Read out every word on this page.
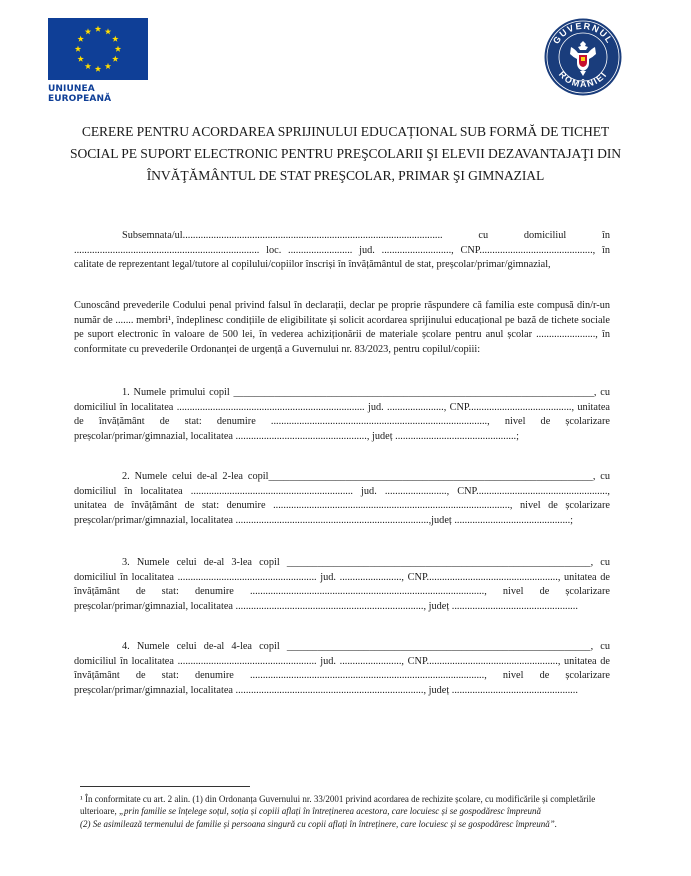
UNIUNEA EUROPEANĂ
GUVERNUL
ROMÂNIEI
CERERE PENTRU ACORDAREA SPRIJINULUI EDUCAȚIONAL SUB FORMĂ DE TICHET SOCIAL PE SUPORT ELECTRONIC PENTRU PREŞCOLARII ŞI ELEVII DEZAVANTAJAŢI DIN ÎNVĂŢĂMÂNTUL DE STAT PREŞCOLAR, PRIMAR ŞI GIMNAZIAL

Subsemnata/ul..................................................................................................... cu domiciliul în ........................................................................ loc. ......................... jud. ..........................., CNP............................................, în calitate de reprezentant legal/tutore al copilului/copiilor înscriși în învățământul de stat, preșcolar/primar/gimnazial,

Cunoscând prevederile Codului penal privind falsul în declarații, declar pe proprie răspundere că familia este compusă din/r-un număr de ....... membri¹, îndeplinesc condițiile de eligibilitate și solicit acordarea sprijinului educațional pe bază de tichete sociale pe suport electronic în valoare de 500 lei, în vederea achiziționării de materiale școlare pentru anul școlar ......................., în conformitate cu prevederile Ordonanței de urgență a Guvernului nr. 83/2023, pentru copilul/copiii:

1. Numele primului copil ______________________________________________________________________, cu domiciliul în localitatea ......................................................................... jud. ......................, CNP........................................, unitatea de învățământ de stat: denumire ...................................................................................., nivel de școlarizare preșcolar/primar/gimnazial, localitatea ..................................................., județ ...............................................;

2. Numele celui de-al 2-lea copil_______________________________________________________________, cu domiciliul în localitatea ............................................................... jud. ........................, CNP..................................................., unitatea de învățământ de stat: denumire ............................................................................................, nivel de școlarizare preșcolar/primar/gimnazial, localitatea ...........................................................................,județ .............................................;

3. Numele celui de-al 3-lea copil ___________________________________________________________, cu domiciliul în localitatea ...................................................... jud. ........................, CNP..................................................., unitatea de învățământ de stat: denumire ..........................................................................................., nivel de școlarizare preșcolar/primar/gimnazial, localitatea ........................................................................., județ .................................................

4. Numele celui de-al 4-lea copil ___________________________________________________________, cu domiciliul în localitatea ...................................................... jud. ........................, CNP..................................................., unitatea de învățământ de stat: denumire ..........................................................................................., nivel de școlarizare preșcolar/primar/gimnazial, localitatea ........................................................................., județ .................................................

¹ În conformitate cu art. 2 alin. (1) din Ordonanța Guvernului nr. 33/2001 privind acordarea de rechizite școlare, cu modificările și completările ulterioare, „prin familie se înțelege soțul, soția și copiii aflați în întreținerea acestora, care locuiesc și se gospodăresc împreună

(2) Se asimilează termenului de familie și persoana singură cu copii aflați în întreținere, care locuiesc și se gospodăresc împreună”.
